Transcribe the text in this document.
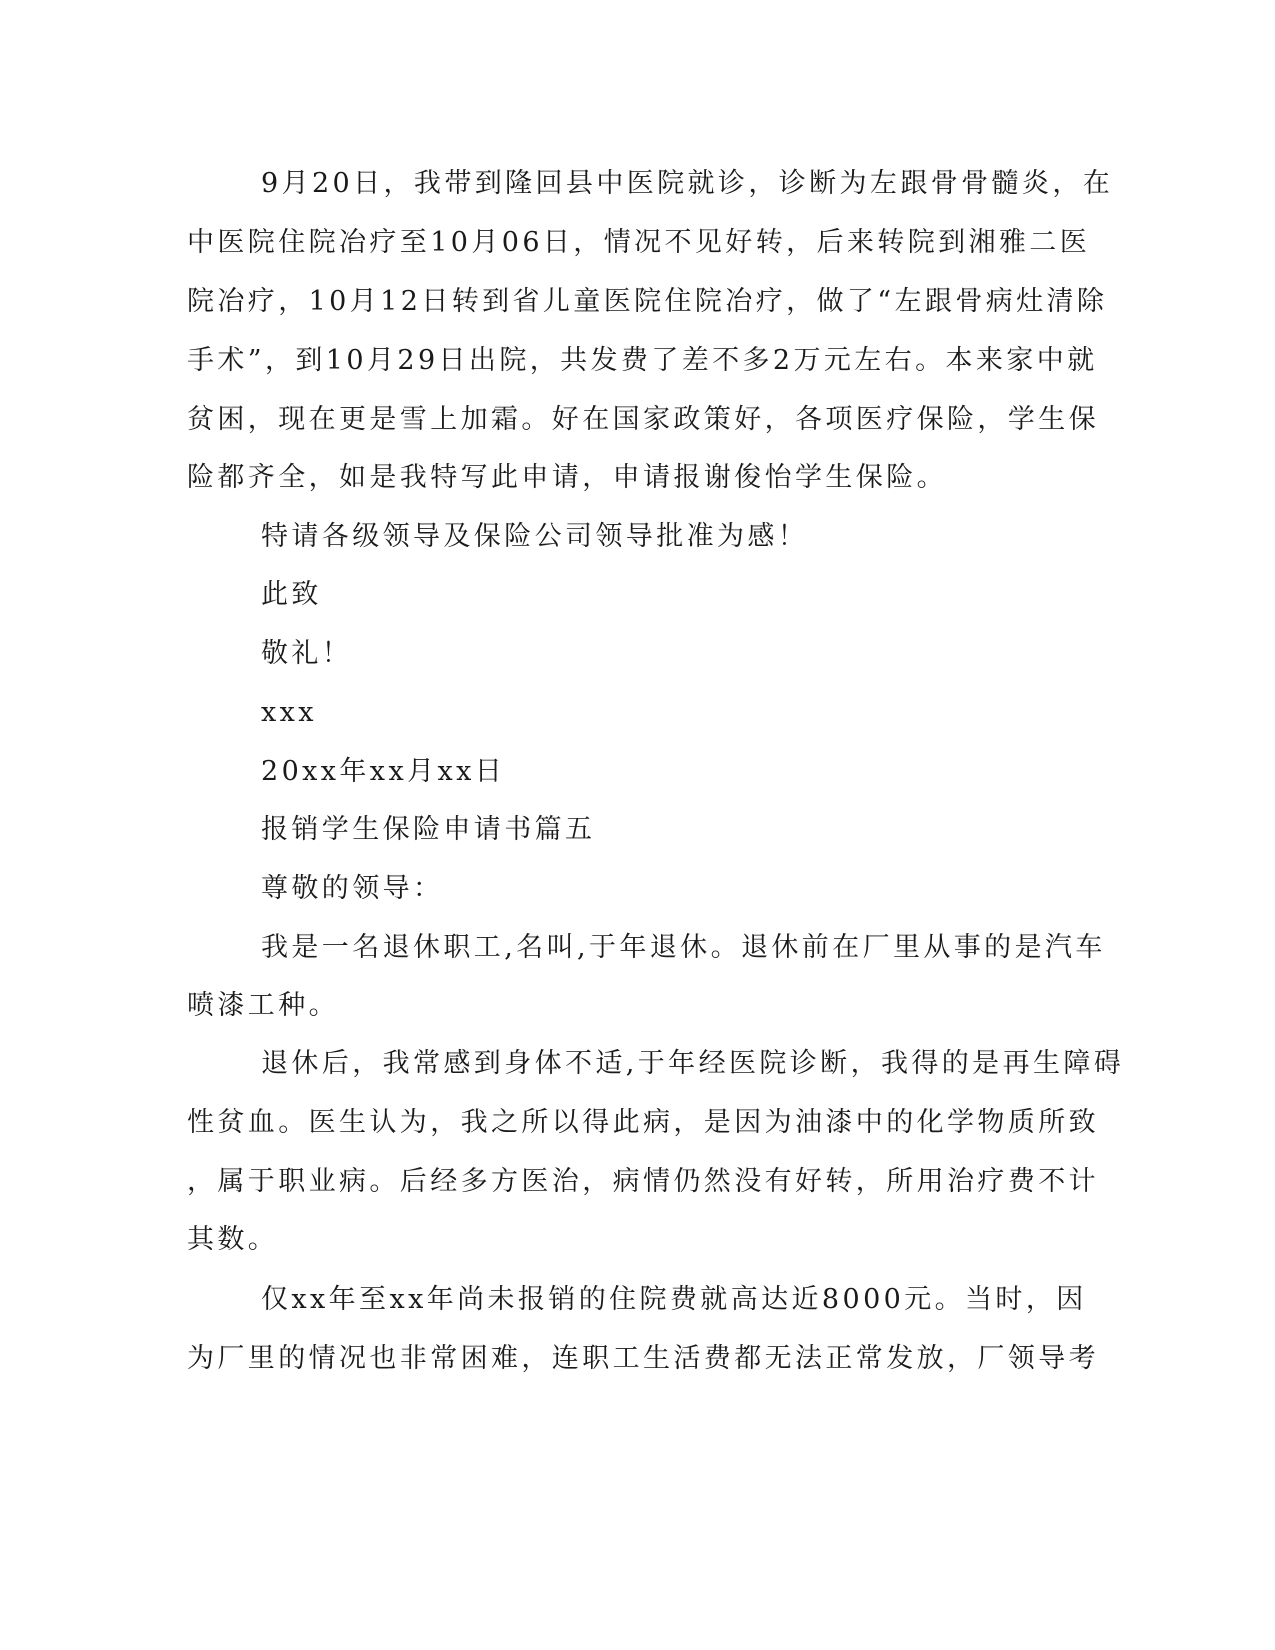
9月20日，我带到隆回县中医院就诊，诊断为左跟骨骨髓炎，在
中医院住院冶疗至10月06日，情况不见好转，后来转院到湘雅二医
院冶疗，10月12日转到省儿童医院住院冶疗，做了“左跟骨病灶清除
手术”，到10月29日出院，共发费了差不多2万元左右。本来家中就
贫困，现在更是雪上加霜。好在国家政策好，各项医疗保险，学生保
险都齐全，如是我特写此申请，申请报谢俊怡学生保险。
特请各级领导及保险公司领导批准为感！
此致
敬礼！
xxx
20xx年xx月xx日
报销学生保险申请书篇五
尊敬的领导：
我是一名退休职工,名叫,于年退休。退休前在厂里从事的是汽车
喷漆工种。
退休后，我常感到身体不适,于年经医院诊断，我得的是再生障碍
性贫血。医生认为，我之所以得此病，是因为油漆中的化学物质所致
，属于职业病。后经多方医治，病情仍然没有好转，所用治疗费不计
其数。
仅xx年至xx年尚未报销的住院费就高达近8000元。当时，因
为厂里的情况也非常困难，连职工生活费都无法正常发放，厂领导考
